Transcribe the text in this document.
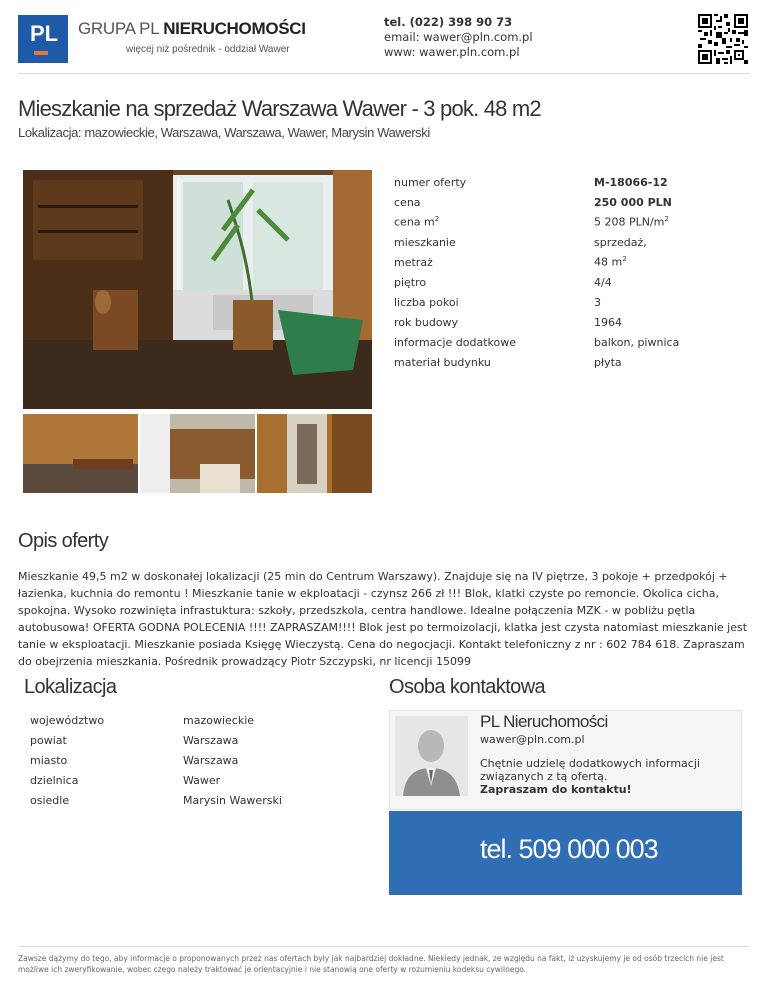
PL GRUPA PL NIERUCHOMOŚCI
więcej niż pośrednik - oddział Wawer
tel. (022) 398 90 73
email: wawer@pln.com.pl
www: wawer.pln.com.pl
Mieszkanie na sprzedaż Warszawa Wawer - 3 pok. 48 m2
Lokalizacja: mazowieckie, Warszawa, Warszawa, Wawer, Marysin Wawerski
numer oferty	M-18066-12
cena	250 000 PLN
cena $m^2$	5 208 PLN/$m^2$
mieszkanie	sprzedaż,
metraż	48 $m^2$
piętro	4/4
liczba pokoi	3
rok budowy	1964
informacje dodatkowe	balkon, piwnica
materiał budynku	płyta
Opis oferty

Mieszkanie 49,5 m2 w doskonałej lokalizacji (25 min do Centrum Warszawy). Znajduje się na IV piętrze, 3 pokoje + przedpokój + łazienka, kuchnia do remontu ! Mieszkanie tanie w ekploatacji - czynsz 266 zł !!! Blok, klatki czyste po remoncie. Okolica cicha, spokojna. Wysoko rozwinięta infrastuktura: szkoły, przedszkola, centra handlowe. Idealne połączenia MZK - w pobliżu pętla autobusowa! OFERTA GODNA POLECENIA !!!! ZAPRASZAM!!!! Blok jest po termoizolacji, klatka jest czysta natomiast mieszkanie jest tanie w eksploatacji. Mieszkanie posiada Księgę Wieczystą. Cena do negocjacji. Kontakt telefoniczny z nr : 602 784 618. Zapraszam do obejrzenia mieszkania. Pośrednik prowadzący Piotr Szczypski, nr licencji 15099

Lokalizacja
województwo	mazowieckie
powiat	Warszawa
miasto	Warszawa
dzielnica	Wawer
osiedle	Marysin Wawerski
Osoba kontaktowa
PL Nieruchomości
wawer@pln.com.pl
Chętnie udzielę dodatkowych informacji związanych z tą ofertą.
Zapraszam do kontaktu!
tel. 509 000 003
Zawsze dążymy do tego, aby informacje o proponowanych przez nas ofertach były jak najbardziej dokładne. Niekiedy jednak, ze względu na fakt, iż uzyskujemy je od osób trzecich nie jest możliwe ich zweryfikowanie, wobec czego należy traktować je orientacyjnie i nie stanowią one oferty w rozumieniu kodeksu cywilnego.
